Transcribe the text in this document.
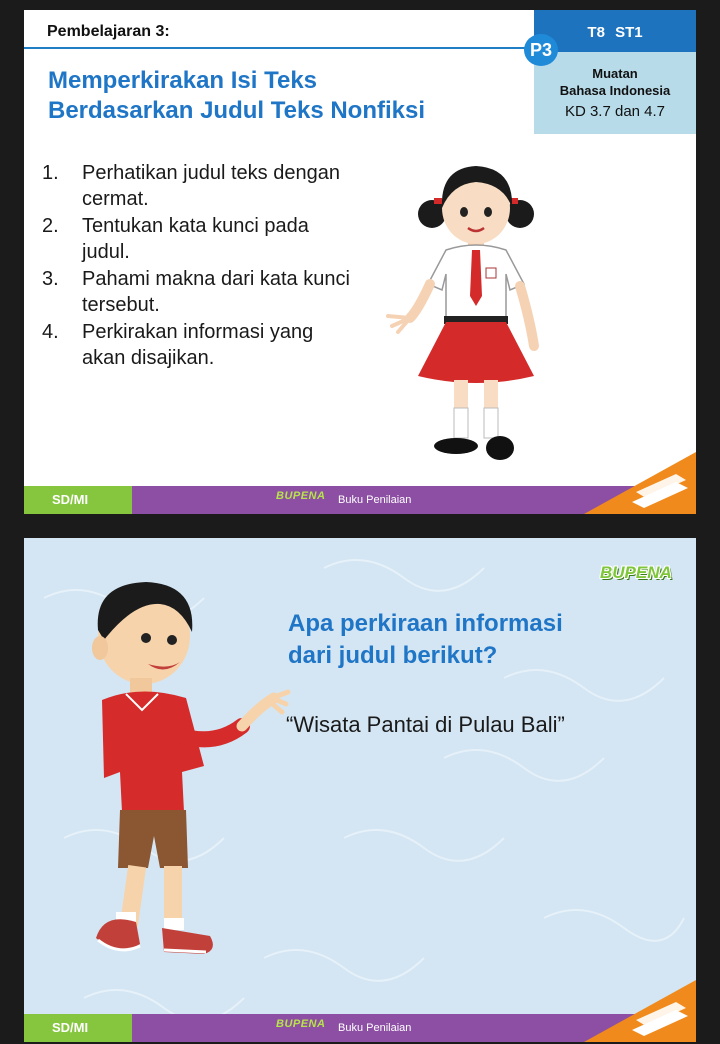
Pembelajaran 3:	T8 ST1
Muatan
Bahasa Indonesia
KD 3.7 dan 4.7
P3
Memperkirakan Isi Teks
Berdasarkan Judul Teks Nonfiksi
1. Perhatikan judul teks dengan cermat.
2. Tentukan kata kunci pada judul.
3. Pahami makna dari kata kunci tersebut.
4. Perkirakan informasi yang akan disajikan.
SD/MI	BUPENA Buku Penilaian
BUPENA
Apa perkiraan informasi
dari judul berikut?
“Wisata Pantai di Pulau Bali”
SD/MI	BUPENA Buku Penilaian
